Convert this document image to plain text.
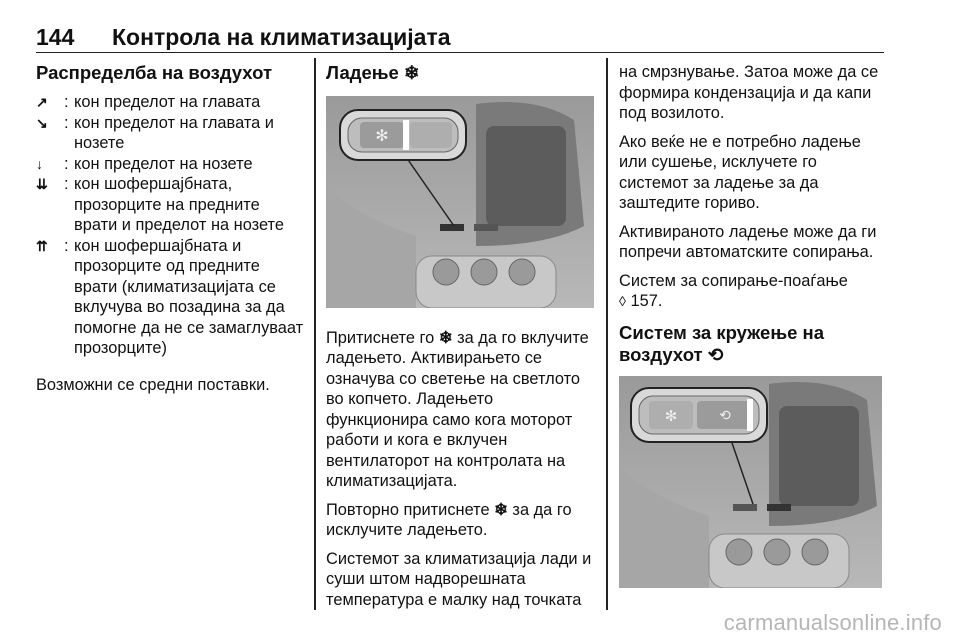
144 Контрола на климатизацијата
Распределба на воздухот
↗ : кон пределот на главата
↘ : кон пределот на главата и нозете
↓	: кон пределот на нозете
⇊ : кон шофершајбната, прозорците на предните врати и пределот на нозете
⇈ : кон шофершајбната и прозорците од предните врати (климатизацијата се вклучува во позадина за да помогне да не се замаглуваат прозорците)

Возможни се средни поставки.

Ладење ❄
✻

Притиснете го ❄ за да го вклучите ладењето. Активирањето се означува со светење на светлото во копчето. Ладењето функционира само кога моторот работи и кога е вклучен вентилаторот на контролата на климатизацијата.

Повторно притиснете ❄ за да го исклучите ладењето.

Системот за климатизација лади и суши штом надворешната температура е малку над точката

на смрзнување. Затоа може да се формира кондензација и да капи под возилото.

Ако веќе не е потребно ладење или сушење, исклучете го системот за ладење за да заштедите гориво.

Активираното ладење може да ги попречи автоматските сопирања.

Систем за сопирање-поаѓање
◊ 157.

Систем за кружење на воздухот ⟲
✻	⟲
carmanualsonline.info
